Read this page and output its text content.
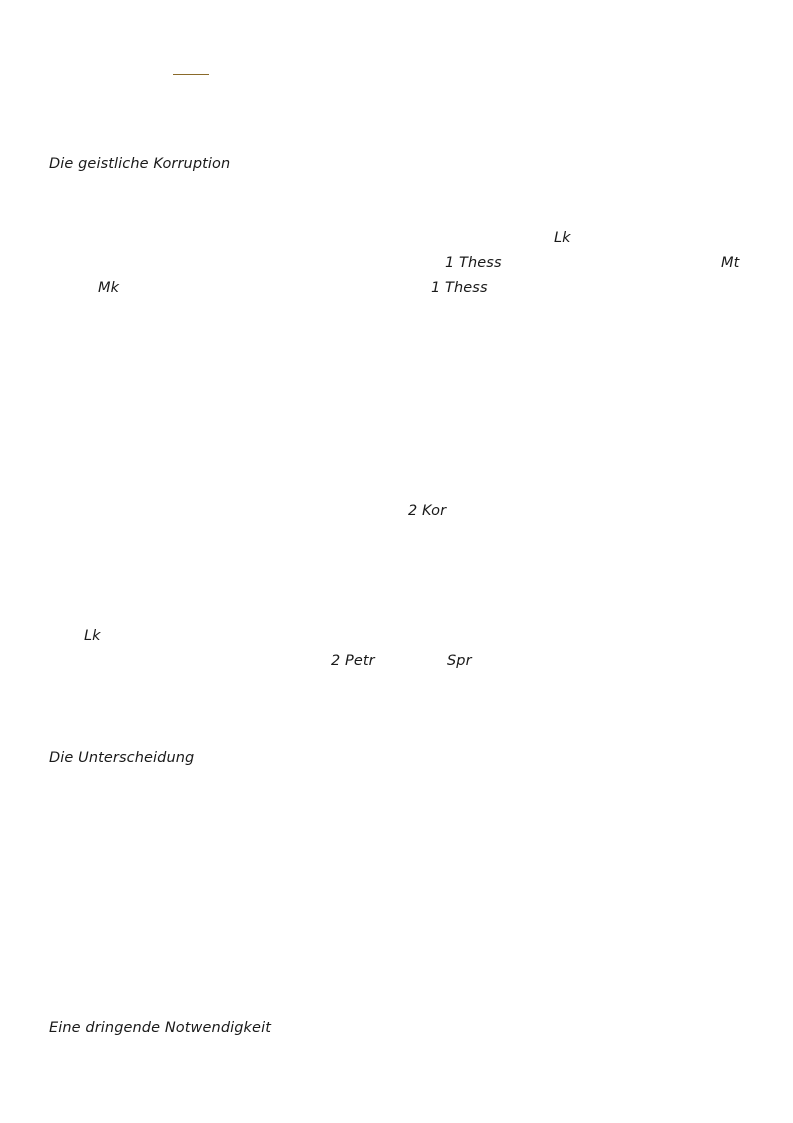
Die geistliche Korruption
Lk
1 Thess	Mt
Mk	1 Thess
2 Kor
Lk
2 Petr	Spr
Die Unterscheidung
Eine dringende Notwendigkeit
